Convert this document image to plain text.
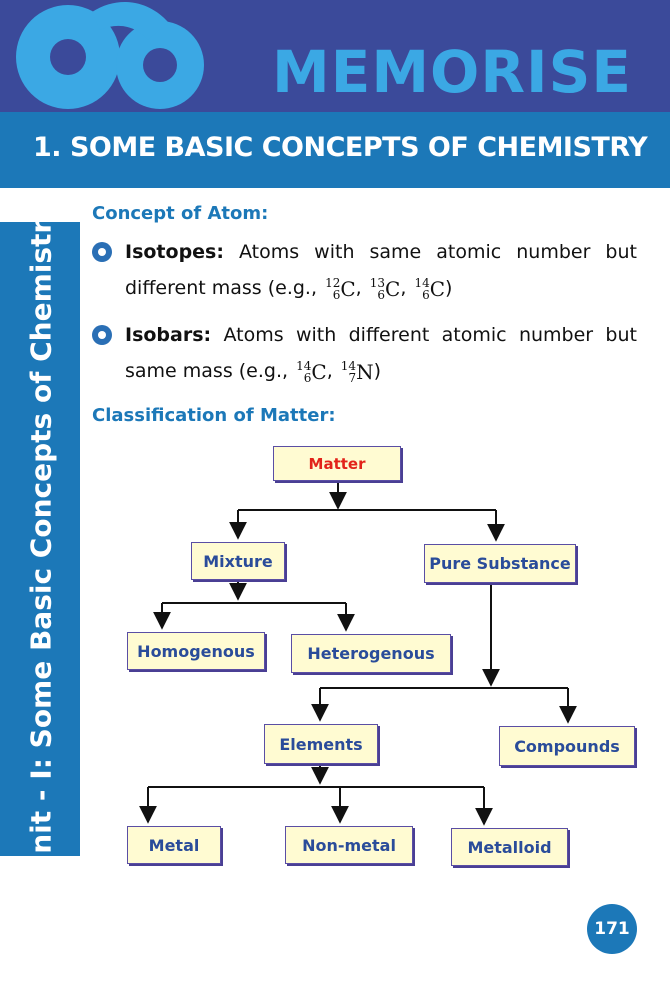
MEMORISE
1. SOME BASIC CONCEPTS OF CHEMISTRY
Unit - I: Some Basic Concepts of Chemistry Concept of Atom:
Isotopes: Atoms with same atomic number but different mass (e.g., 12
6 C, 13
6 C, 14
6 C)
Isobars: Atoms with different atomic number but same mass (e.g., 14
6 C, 14
7 N)
Classification of Matter:
Matter
Mixture	Pure Substance
Homogenous	Heterogenous
Elements	Compounds
Metal	Non-metal	Metalloid
171
